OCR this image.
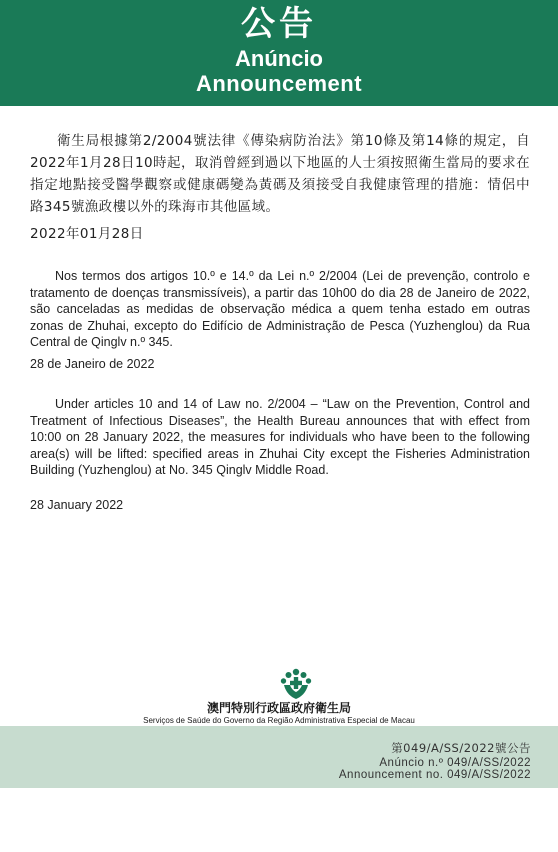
公告
Anúncio
Announcement
衛生局根據第2/2004號法律《傳染病防治法》第10條及第14條的規定，自2022年1月28日10時起，取消曾經到過以下地區的人士須按照衛生當局的要求在指定地點接受醫學觀察或健康碼變為黃碼及須接受自我健康管理的措施：情侶中路345號漁政樓以外的珠海市其他區域。
2022年01月28日
Nos termos dos artigos 10.º e 14.º da Lei n.º 2/2004 (Lei de prevenção, controlo e tratamento de doenças transmissíveis), a partir das 10h00 do dia 28 de Janeiro de 2022, são canceladas as medidas de observação médica a quem tenha estado em outras zonas de Zhuhai, excepto do Edifício de Administração de Pesca (Yuzhenglou) da Rua Central de Qinglv n.º 345.
28 de Janeiro de 2022
Under articles 10 and 14 of Law no. 2/2004 – “Law on the Prevention, Control and Treatment of Infectious Diseases”, the Health Bureau announces that with effect from 10:00 on 28 January 2022, the measures for individuals who have been to the following area(s) will be lifted: specified areas in Zhuhai City except the Fisheries Administration Building (Yuzhenglou) at No. 345 Qinglv Middle Road.
28 January 2022
澳門特別行政區政府衛生局
Serviços de Saúde do Governo da Região Administrativa Especial de Macau
第049/A/SS/2022號公告
Anúncio n.º 049/A/SS/2022
Announcement no. 049/A/SS/2022
